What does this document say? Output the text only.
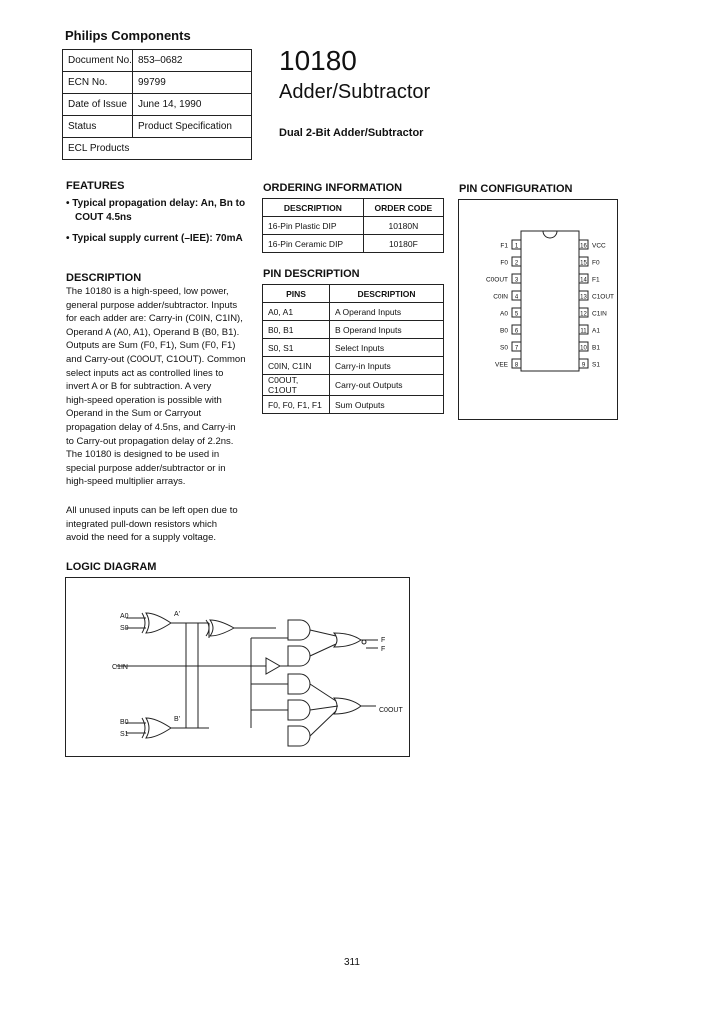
Philips Components
Document No.	853–0682
ECN No.	99799
Date of Issue	June 14, 1990
Status	Product Specification
ECL Products	
10180
Adder/Subtractor
Dual 2-Bit Adder/Subtractor
FEATURES
• Typical propagation delay: An, Bn to
COUT 4.5ns
• Typical supply current (–IEE): 70mA
DESCRIPTION
The 10180 is a high-speed, low power,
general purpose adder/subtractor. Inputs
for each adder are: Carry-in (C0IN, C1IN),
Operand A (A0, A1), Operand B (B0, B1).
Outputs are Sum (F0, F1), Sum (F0, F1)
and Carry-out (C0OUT, C1OUT). Common
select inputs act as controlled lines to
invert A or B for subtraction. A very
high-speed operation is possible with
Operand in the Sum or Carryout
propagation delay of 4.5ns, and Carry-in
to Carry-out propagation delay of 2.2ns.
The 10180 is designed to be used in
special purpose adder/subtractor or in
high-speed multiplier arrays.
All unused inputs can be left open due to
integrated pull-down resistors which
avoid the need for a supply voltage.
ORDERING INFORMATION
DESCRIPTION	ORDER CODE
16-Pin Plastic DIP	10180N
16-Pin Ceramic DIP	10180F
PIN DESCRIPTION
PINS	DESCRIPTION
A0, A1	A Operand Inputs
B0, B1	B Operand Inputs
S0, S1	Select Inputs
C0IN, C1IN	Carry-in Inputs
C0OUT, C1OUT	Carry-out Outputs
F0, F0, F1, F1	Sum Outputs
PIN CONFIGURATION
1
F1
2
F0
3
C0OUT
4
C0IN
5
A0
6
B0
7
S0
8
VEE
16 VCC
15 F0
14 F1
13 C1OUT
12 C1IN
11 A1
10 B1
9 S1
LOGIC DIAGRAM
A0
S0
C1IN
B0
S1
A'
B'
F
F
C0OUT
311
